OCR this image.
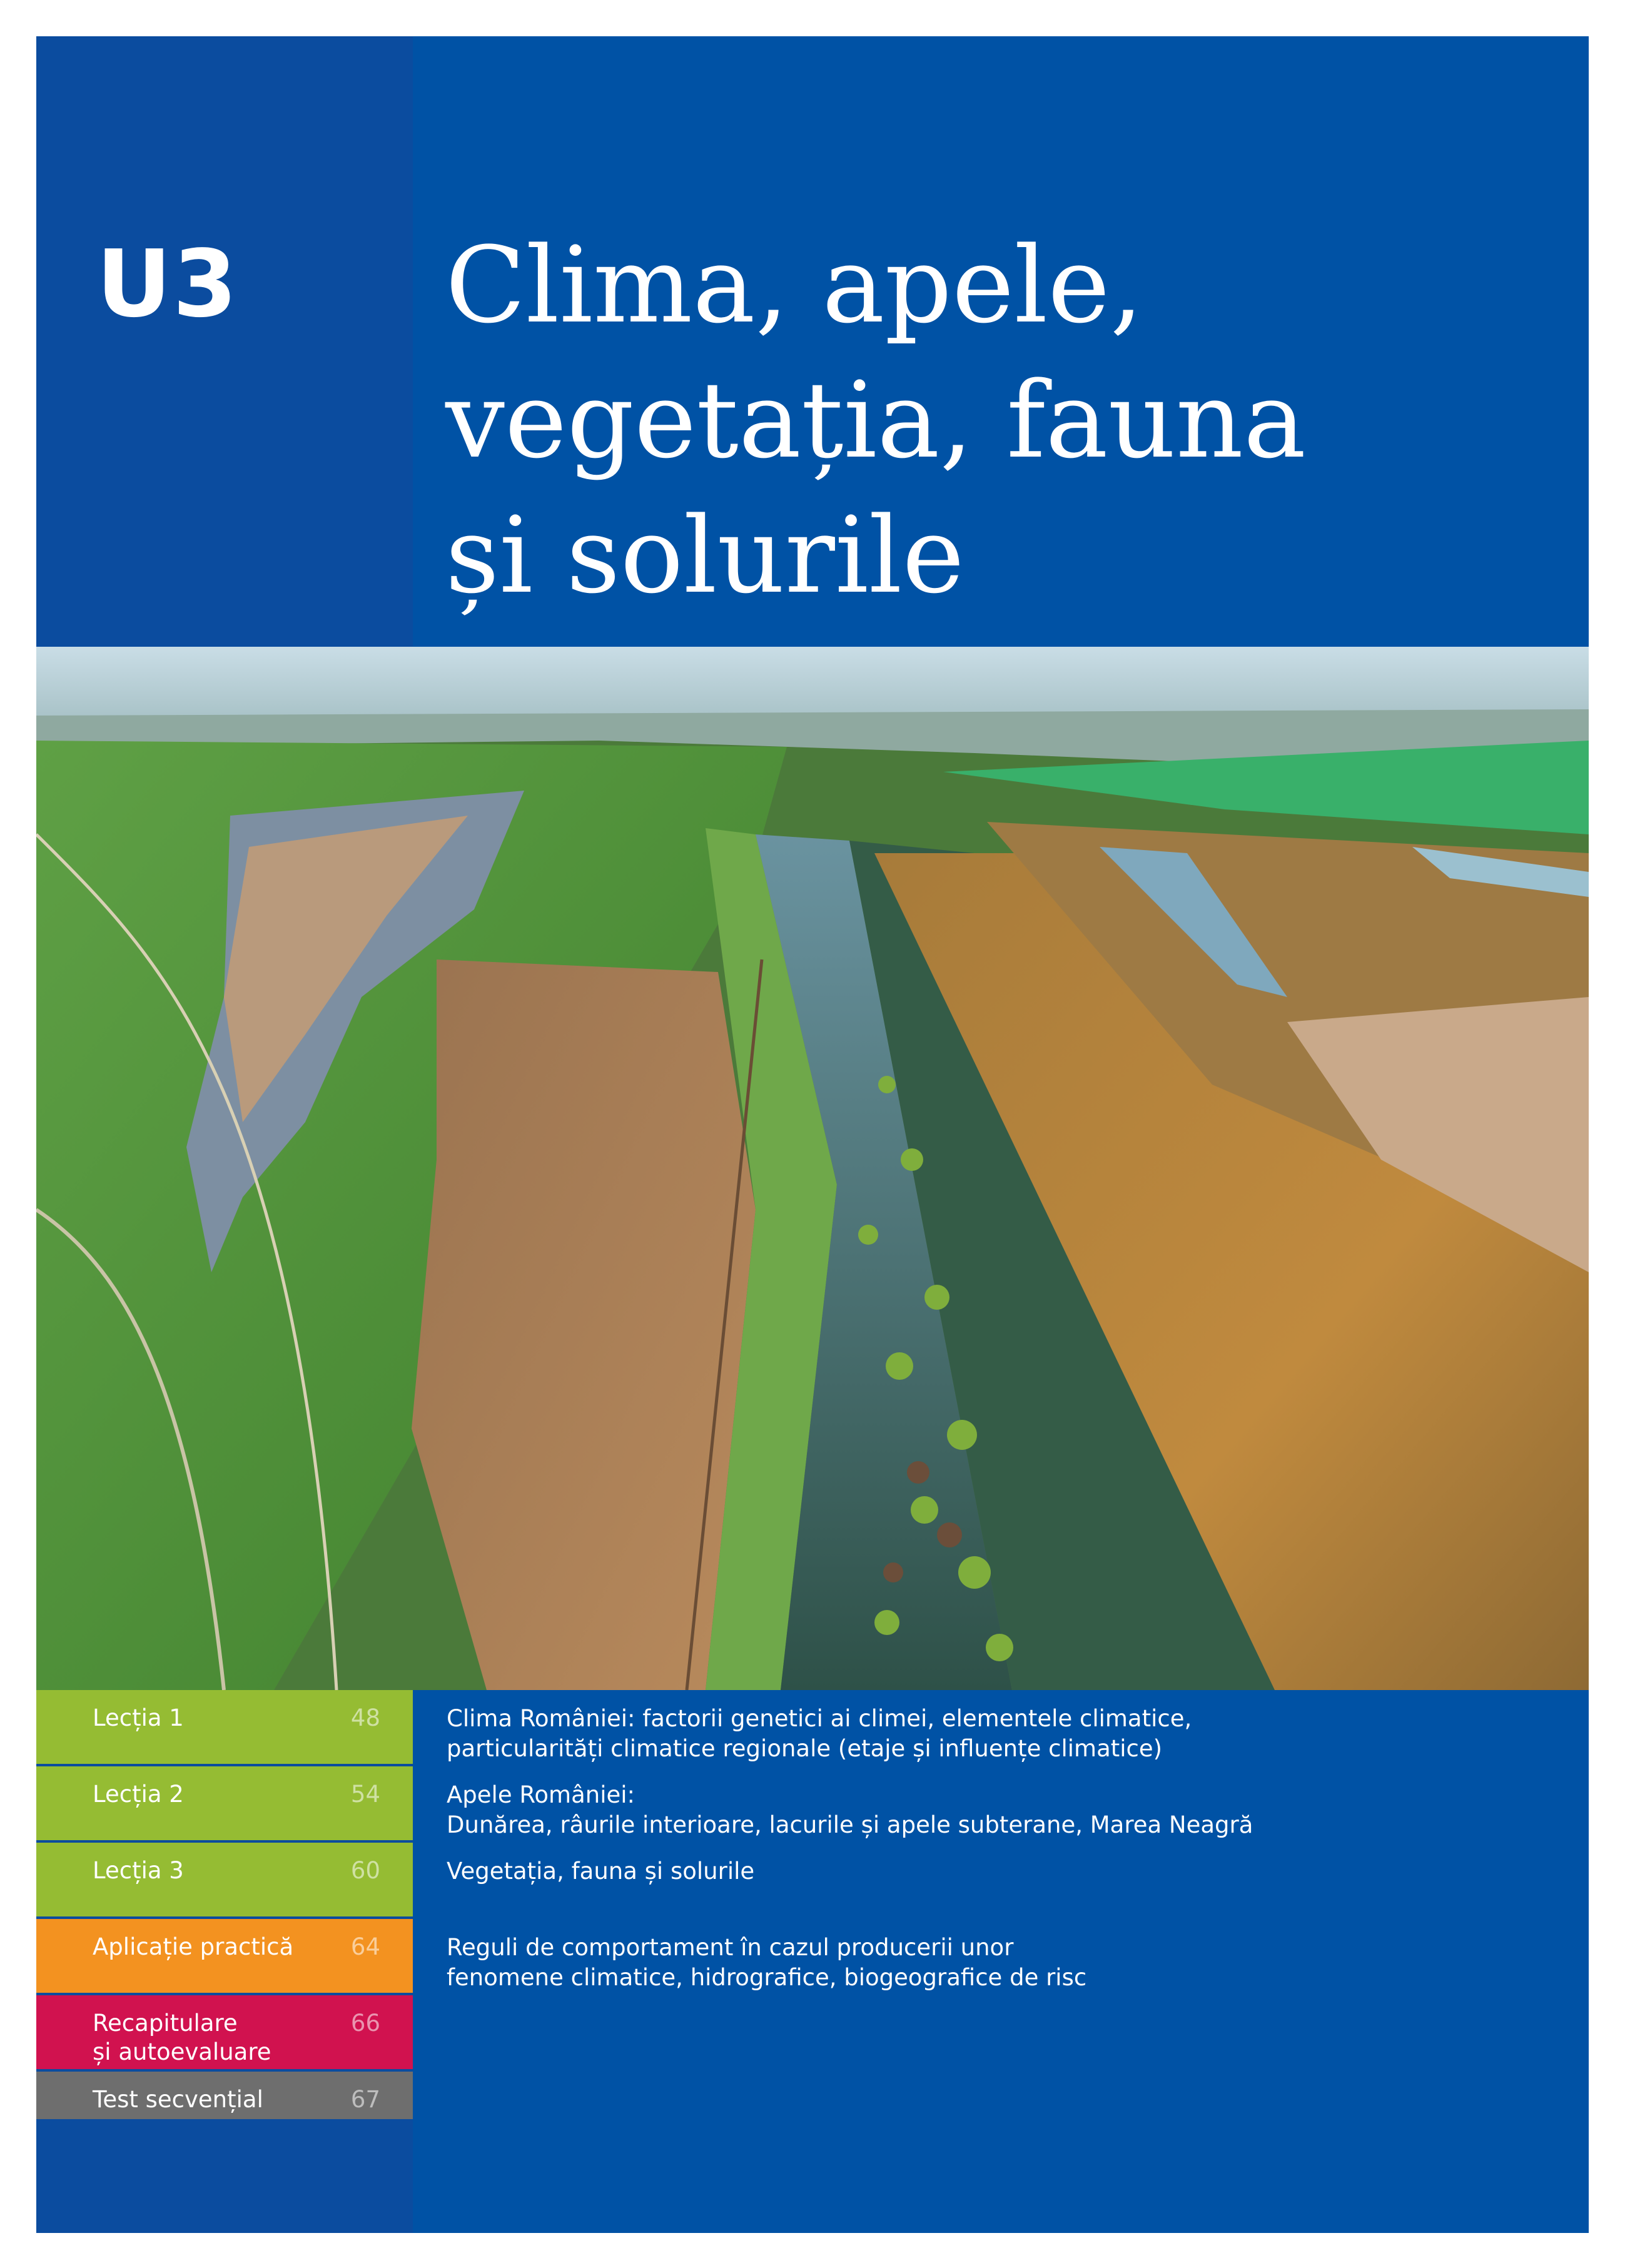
U3 Clima, apele,
vegetația, fauna
și solurile
Lecția 1	48	Clima României: factorii genetici ai climei, elementele climatice,
particularități climatice regionale (etaje și influențe climatice)
Lecția 2	54	Apele României:
Dunărea, râurile interioare, lacurile și apele subterane, Marea Neagră
Lecția 3	60	Vegetația, fauna și solurile
Aplicație practică 64	Reguli de comportament în cazul producerii unor
fenomene climatice, hidrografice, biogeografice de risc
Recapitulare
și autoevaluare
66
Test secvențial	67
